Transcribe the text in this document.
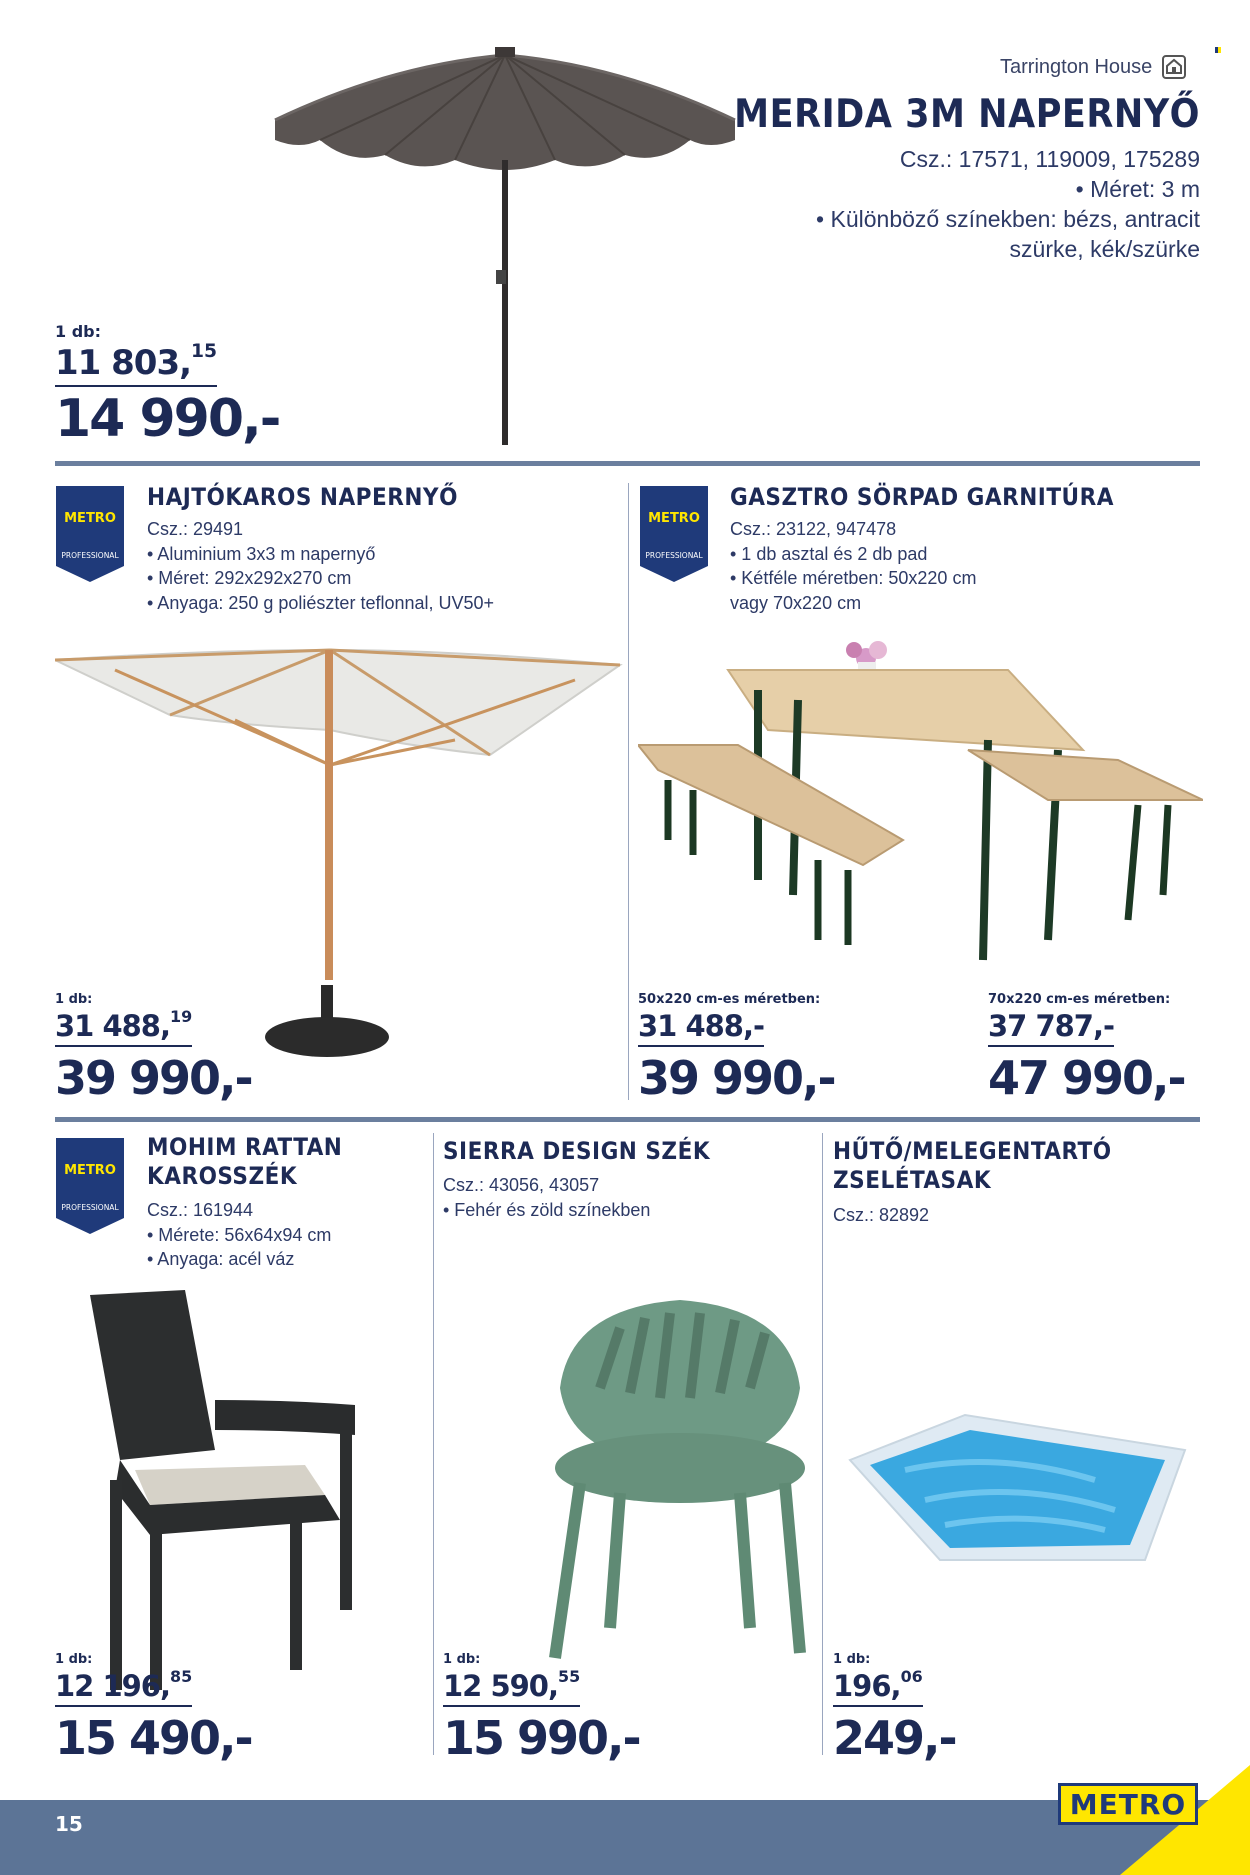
Tarrington House
MERIDA 3M NAPERNYŐ
Csz.: 17571, 119009, 175289
• Méret: 3 m
• Különböző színekben: bézs, antracit
szürke, kék/szürke
1 db:
11 803,15
14 990,-
METRO
PROFESSIONAL
HAJTÓKAROS NAPERNYŐ
Csz.: 29491
• Aluminium 3x3 m napernyő
• Méret: 292x292x270 cm
• Anyaga: 250 g poliészter teflonnal, UV50+
1 db:
31 488,19
39 990,-
METRO
PROFESSIONAL
GASZTRO SÖRPAD GARNITÚRA
Csz.: 23122, 947478
• 1 db asztal és 2 db pad
• Kétféle méretben: 50x220 cm
vagy 70x220 cm
50x220 cm-es méretben:
31 488,-
39 990,-
70x220 cm-es méretben:
37 787,-
47 990,-
METRO
PROFESSIONAL
MOHIM RATTAN
KAROSSZÉK
Csz.: 161944
• Mérete: 56x64x94 cm
• Anyaga: acél váz
1 db:
12 196,85
15 490,-
SIERRA DESIGN SZÉK
Csz.: 43056, 43057
• Fehér és zöld színekben
1 db:
12 590,55
15 990,-
HŰTŐ/MELEGENTARTÓ
ZSELÉTASAK
Csz.: 82892
1 db:
196,06
249,-
15
METRO
